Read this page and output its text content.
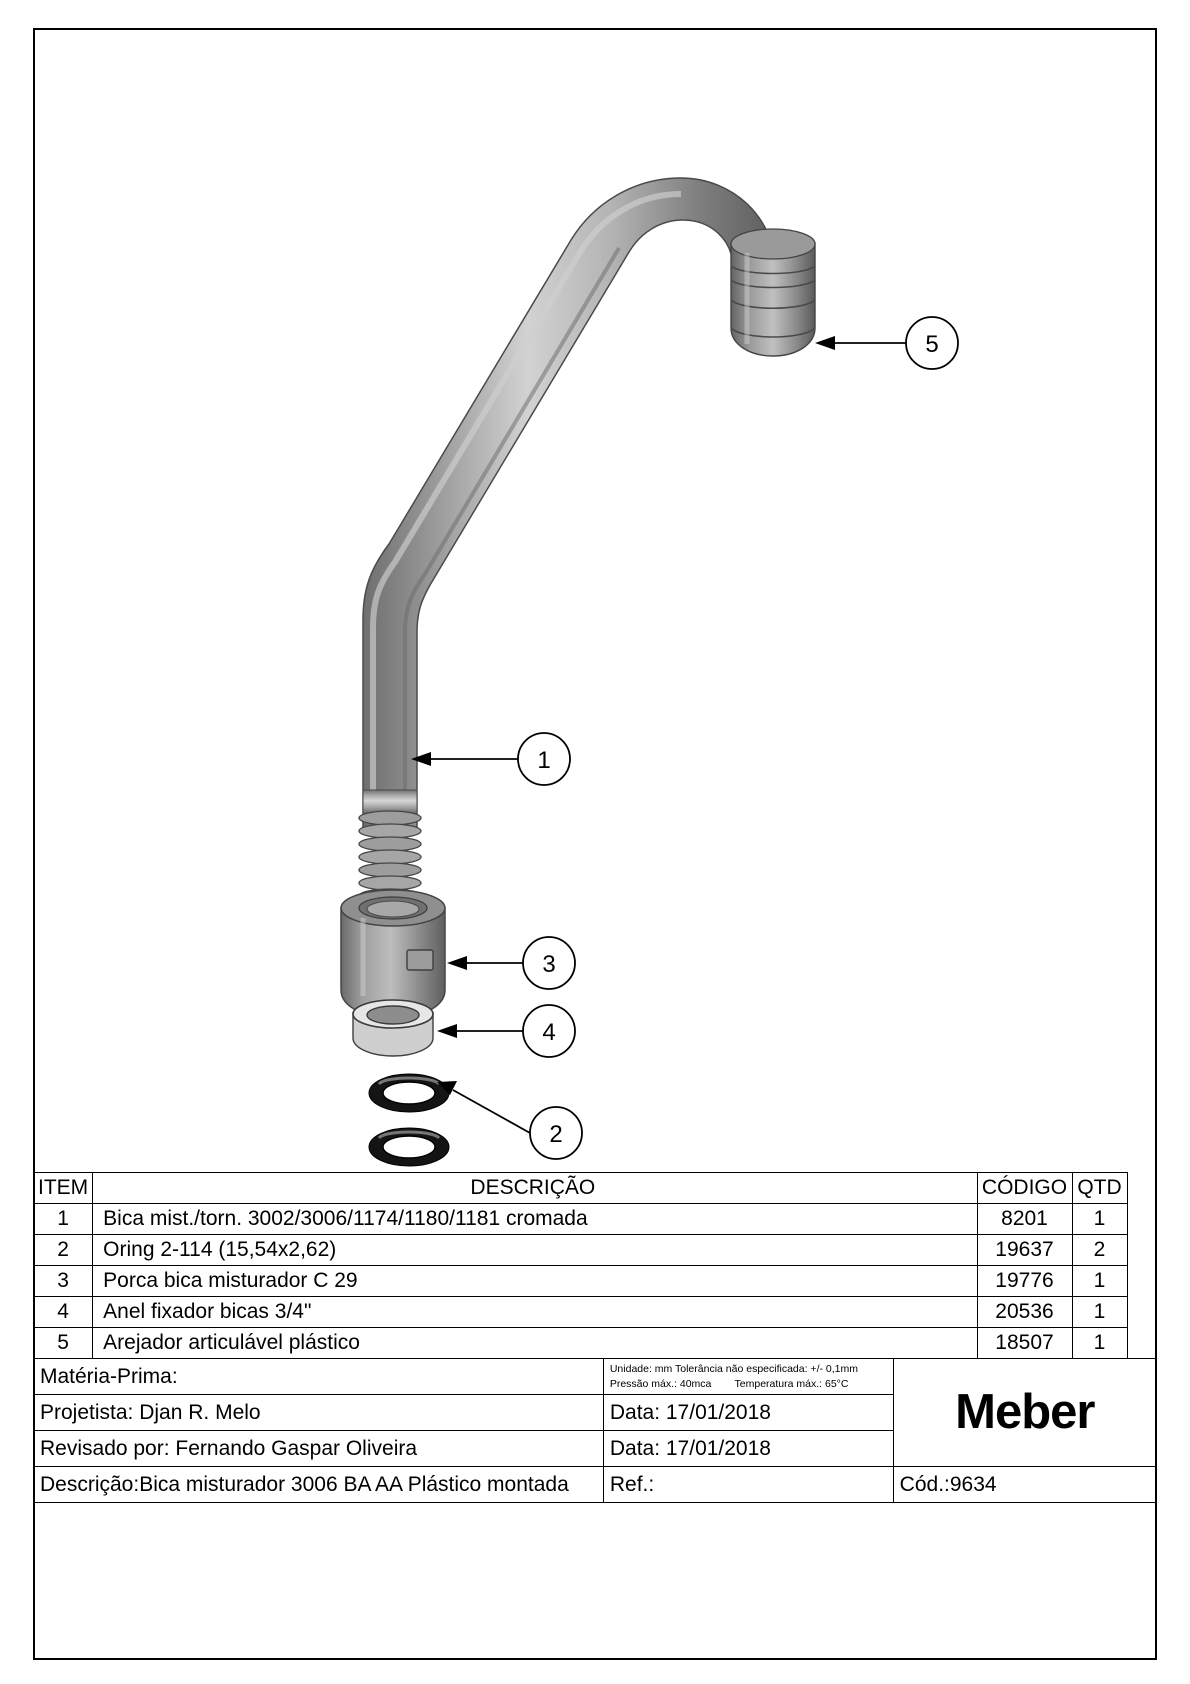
5
1
3
4
2
ITEM	DESCRIÇÃO	CÓDIGO	QTD	
1	Bica mist./torn. 3002/3006/1174/1180/1181 cromada	8201	1	
2	Oring 2-114 (15,54x2,62)	19637	2	
3	Porca bica misturador C 29	19776	1	
4	Anel fixador bicas 3/4"	20536	1	
5	Arejador articulável plástico	18507	1	
Matéria-Prima:	Unidade: mm Tolerância não especificada: +/- 0,1mm
Pressão máx.: 40mca        Temperatura máx.: 65°C	Meber
Projetista: Djan R. Melo	Data: 17/01/2018	
Revisado por: Fernando Gaspar Oliveira	Data: 17/01/2018	
Descrição:Bica misturador 3006 BA AA Plástico montada	Ref.:	Cód.:9634
